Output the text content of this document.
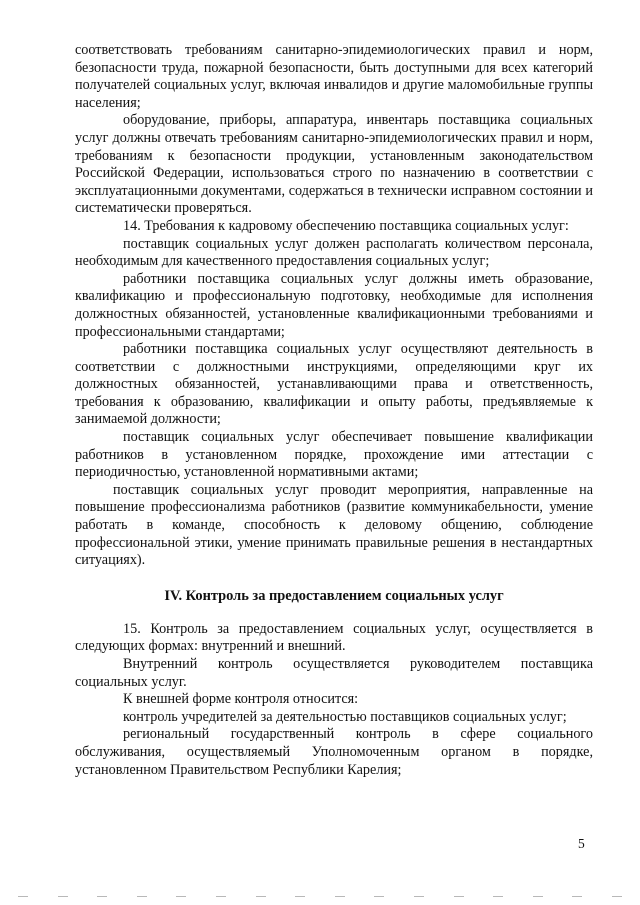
соответствовать требованиям санитарно-эпидемиологических правил и норм, безопасности труда, пожарной безопасности, быть доступными для всех категорий получателей социальных услуг, включая инвалидов и другие маломобильные группы населения;

оборудование, приборы, аппаратура, инвентарь поставщика социальных услуг должны отвечать требованиям санитарно-эпидемиологических правил и норм, требованиям к безопасности продукции, установленным законодательством Российской Федерации, использоваться строго по назначению в соответствии с эксплуатационными документами, содержаться в технически исправном состоянии и систематически проверяться.

14. Требования к кадровому обеспечению поставщика социальных услуг:

поставщик социальных услуг должен располагать количеством персонала, необходимым для качественного предоставления социальных услуг;

работники поставщика социальных услуг должны иметь образование, квалификацию и профессиональную подготовку, необходимые для исполнения должностных обязанностей, установленные квалификационными требованиями и профессиональными стандартами;

работники поставщика социальных услуг осуществляют деятельность в соответствии с должностными инструкциями, определяющими круг их должностных обязанностей, устанавливающими права и ответственность, требования к образованию, квалификации и опыту работы, предъявляемые к занимаемой должности;

поставщик социальных услуг обеспечивает повышение квалификации работников в установленном порядке, прохождение ими аттестации с периодичностью, установленной нормативными актами;

поставщик социальных услуг проводит мероприятия, направленные на повышение профессионализма работников (развитие коммуникабельности, умение работать в команде, способность к деловому общению, соблюдение профессиональной этики, умение принимать правильные решения в нестандартных ситуациях).

IV. Контроль за предоставлением социальных услуг

15. Контроль за предоставлением социальных услуг, осуществляется в следующих формах: внутренний и внешний.

Внутренний контроль осуществляется руководителем поставщика социальных услуг.

К внешней форме контроля относится:

контроль учредителей за деятельностью поставщиков социальных услуг;

региональный государственный контроль в сфере социального обслуживания, осуществляемый Уполномоченным органом в порядке, установленном Правительством Республики Карелия;

5
